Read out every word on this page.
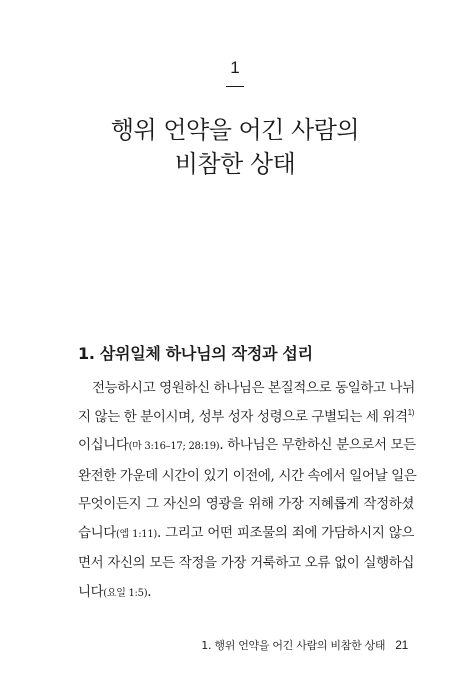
1
행위 언약을 어긴 사람의
비참한 상태
1. 삼위일체 하나님의 작정과 섭리

전능하시고 영원하신 하나님은 본질적으로 동일하고 나뉘
지 않는 한 분이시며, 성부 성자 성령으로 구별되는 세 위격$^{1)}$
이십니다(마 3:16–17; 28:19). 하나님은 무한하신 분으로서 모든
완전한 가운데 시간이 있기 이전에, 시간 속에서 일어날 일은
무엇이든지 그 자신의 영광을 위해 가장 지혜롭게 작정하셨
습니다(엡 1:11). 그리고 어떤 피조물의 죄에 가담하시지 않으
면서 자신의 모든 작정을 가장 거룩하고 오류 없이 실행하십
니다(요일 1:5).

1. 행위 언약을 어긴 사람의 비참한 상태 21
